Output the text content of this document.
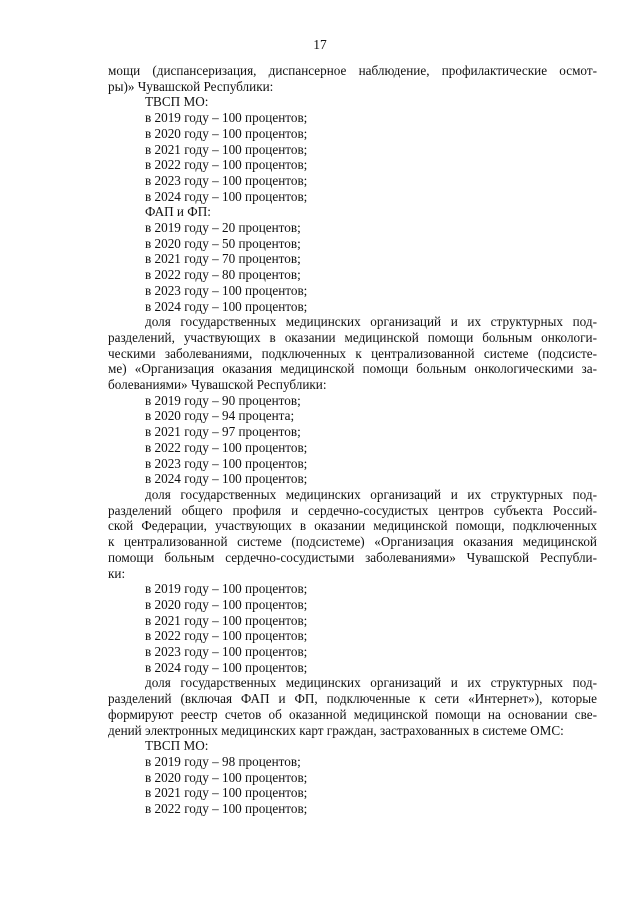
17

мощи (диспансеризация, диспансерное наблюдение, профилактические осмот-

ры)» Чувашской Республики:

ТВСП МО:

в 2019 году – 100 процентов;

в 2020 году – 100 процентов;

в 2021 году – 100 процентов;

в 2022 году – 100 процентов;

в 2023 году – 100 процентов;

в 2024 году – 100 процентов;

ФАП и ФП:

в 2019 году – 20 процентов;

в 2020 году – 50 процентов;

в 2021 году – 70 процентов;

в 2022 году – 80 процентов;

в 2023 году – 100 процентов;

в 2024 году – 100 процентов;

доля государственных медицинских организаций и их структурных под-

разделений, участвующих в оказании медицинской помощи больным онкологи-

ческими заболеваниями, подключенных к централизованной системе (подсисте-

ме) «Организация оказания медицинской помощи больным онкологическими за-

болеваниями» Чувашской Республики:

в 2019 году – 90 процентов;

в 2020 году – 94 процента;

в 2021 году – 97 процентов;

в 2022 году – 100 процентов;

в 2023 году – 100 процентов;

в 2024 году – 100 процентов;

доля государственных медицинских организаций и их структурных под-

разделений общего профиля и сердечно-сосудистых центров субъекта Россий-

ской Федерации, участвующих в оказании медицинской помощи, подключенных

к централизованной системе (подсистеме) «Организация оказания медицинской

помощи больным сердечно-сосудистыми заболеваниями» Чувашской Республи-

ки:

в 2019 году – 100 процентов;

в 2020 году – 100 процентов;

в 2021 году – 100 процентов;

в 2022 году – 100 процентов;

в 2023 году – 100 процентов;

в 2024 году – 100 процентов;

доля государственных медицинских организаций и их структурных под-

разделений (включая ФАП и ФП, подключенные к сети «Интернет»), которые

формируют реестр счетов об оказанной медицинской помощи на основании све-

дений электронных медицинских карт граждан, застрахованных в системе ОМС:

ТВСП МО:

в 2019 году – 98 процентов;

в 2020 году – 100 процентов;

в 2021 году – 100 процентов;

в 2022 году – 100 процентов;
